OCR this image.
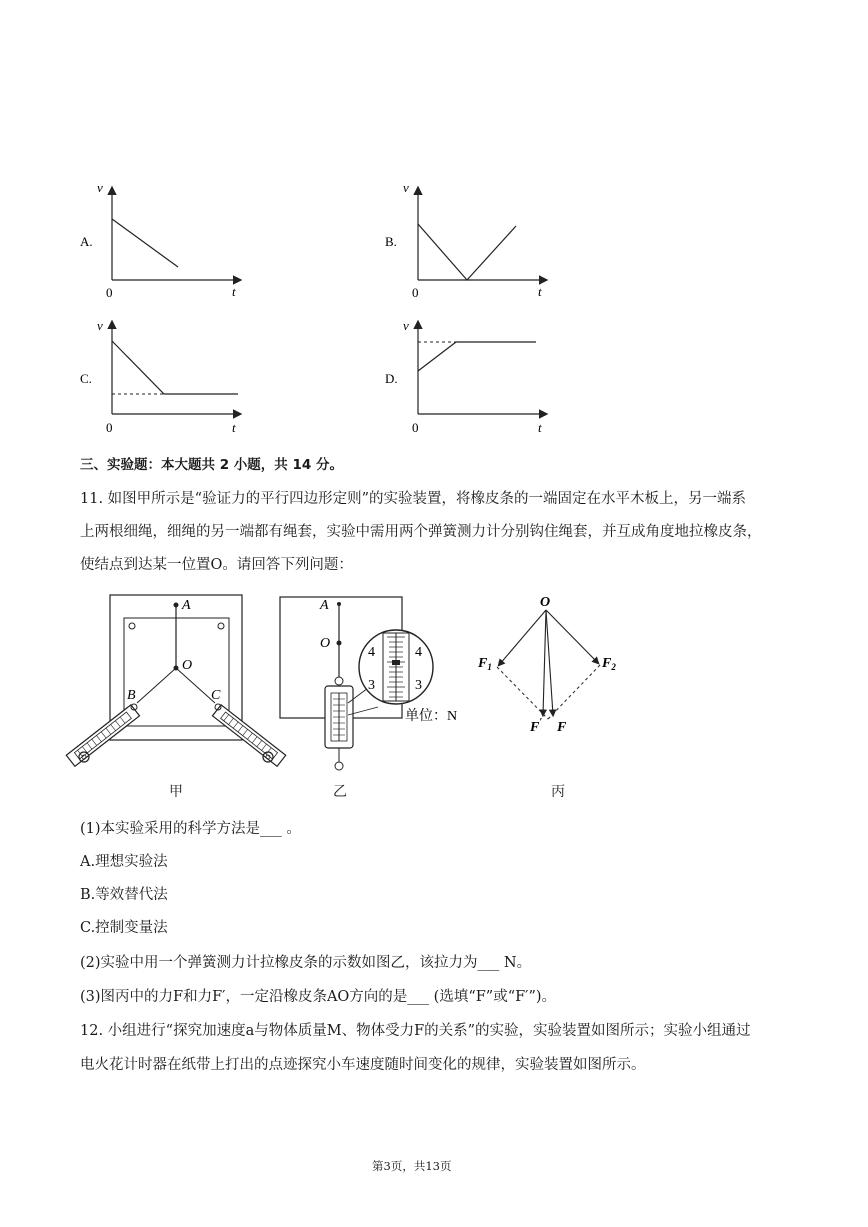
v
t
0
A.
v
t
0
B.
v
t
0
C.
v
t
0
D.
三、实验题：本大题共 2 小题，共 14 分。
11. 如图甲所示是“验证力的平行四边形定则”的实验装置，将橡皮条的一端固定在水平木板上，另一端系
上两根细绳，细绳的另一端都有绳套，实验中需用两个弹簧测力计分别钩住绳套，并互成角度地拉橡皮条，
使结点到达某一位置O。请回答下列问题：
A
O
B	C
A
O
4	4
3	3
单位：N
O
$F_1$	$F_2$
F′ F
甲	乙	丙
(1)本实验采用的科学方法是___ 。
A.理想实验法
B.等效替代法
C.控制变量法
(2)实验中用一个弹簧测力计拉橡皮条的示数如图乙，该拉力为___ N。
(3)图丙中的力F和力F′，一定沿橡皮条AO方向的是___ (选填“F”或“F′”)。
12. 小组进行“探究加速度a与物体质量M、物体受力F的关系”的实验，实验装置如图所示；实验小组通过
电火花计时器在纸带上打出的点迹探究小车速度随时间变化的规律，实验装置如图所示。
第3页，共13页
